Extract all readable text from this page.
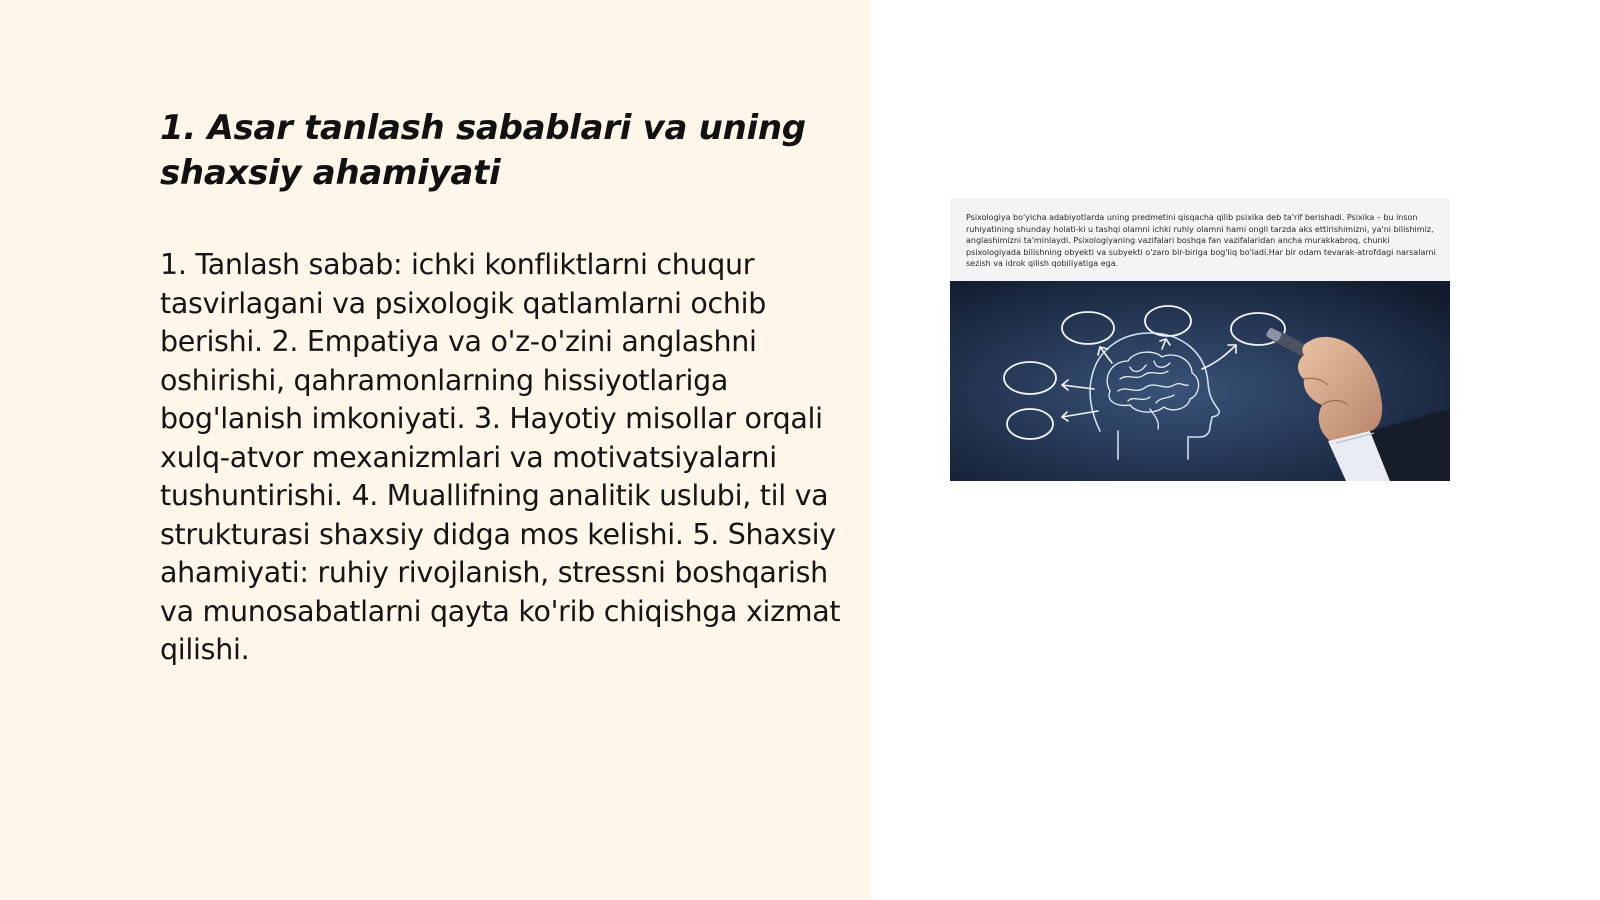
1. Asar tanlash sabablari va uning shaxsiy ahamiyati

1. Tanlash sabab: ichki konfliktlarni chuqur tasvirlagani va psixologik qatlamlarni ochib berishi. 2. Empatiya va o'z-o'zini anglashni oshirishi, qahramonlarning hissiyotlariga bog'lanish imkoniyati. 3. Hayotiy misollar orqali xulq-atvor mexanizmlari va motivatsiyalarni tushuntirishi. 4. Muallifning analitik uslubi, til va strukturasi shaxsiy didga mos kelishi. 5. Shaxsiy ahamiyati: ruhiy rivojlanish, stressni boshqarish va munosabatlarni qayta ko'rib chiqishga xizmat qilishi.

Psixologiya bo'yicha adabiyotlarda uning predmetini qisqacha qilib psixika deb ta'rif berishadi. Psixika – bu inson ruhiyatining shunday holati-ki u tashqi olamni ichki ruhiy olamni hami ongli tarzda aks ettirishimizni, ya'ni bilishimiz, anglashimizni ta'minlaydi. Psixologiyaning vazifalari boshqa fan vazifalaridan ancha murakkabroq, chunki psixologiyada bilishning obyekti va subyekti o'zaro bir-biriga bog'liq bo'ladi.Har bir odam tevarak-atrofdagi narsalarni sezish va idrok qilish qobiliyatiga ega.
